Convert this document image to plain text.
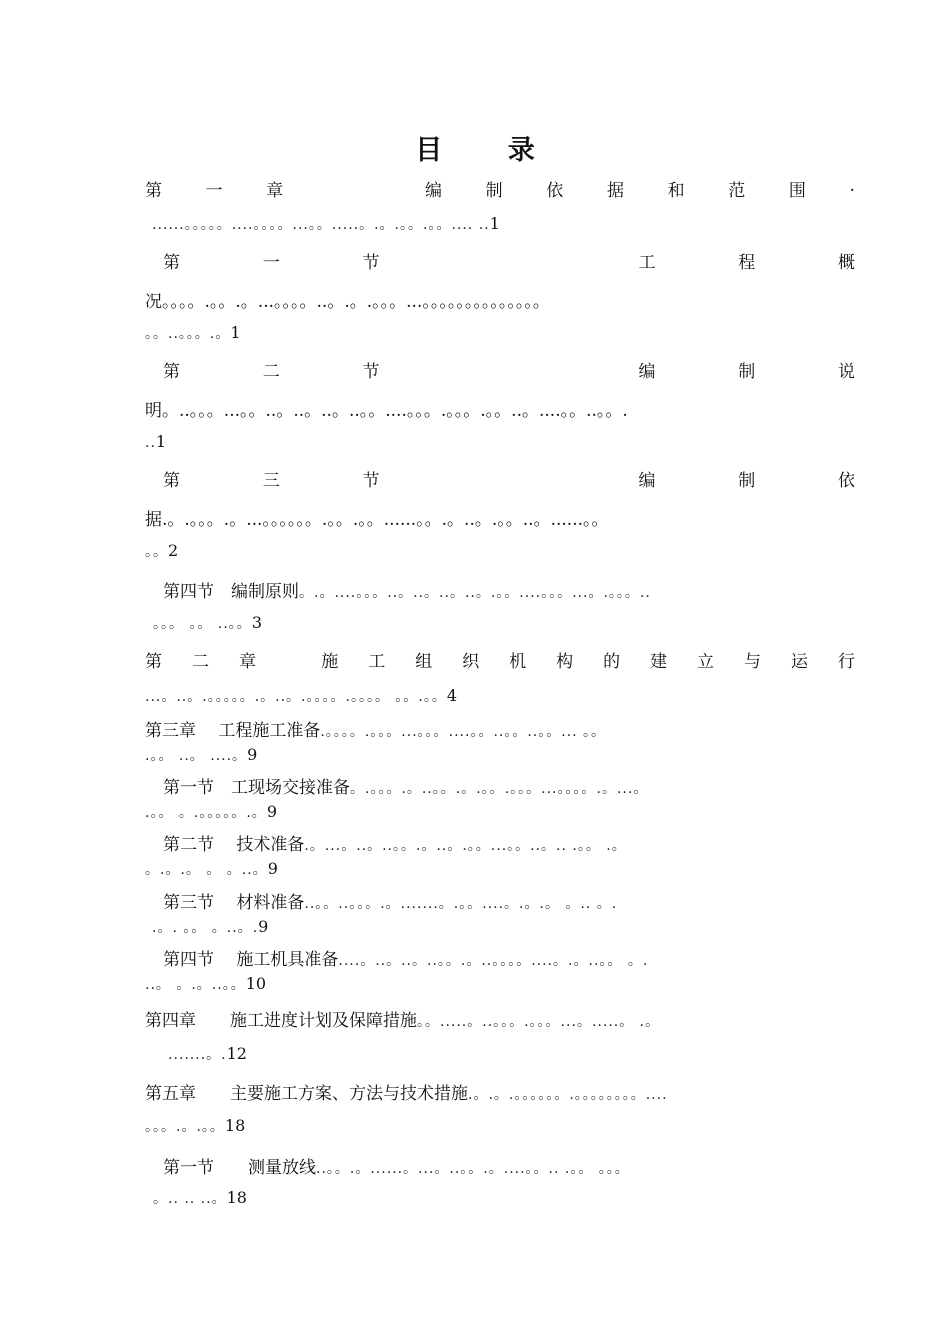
目 录
第	一	章

	编	制	依	据	和	范	围	.
......。。。。。....。。。。...。。.....。.。.。。.。。.... ..1
第	一	节

	工	程	概
况。。。。.。。.。...。。。。..。.。.。。。...。。。。。。。。。。。。。。
。。..。。。.。1
第	二	节

	编	制	说
明。..。。。...。。..。..。..。..。。....。。。.。。。.。。..。....。。..。。.
..1
第	三	节

	编	制	依
据.。.。。。.。...。。。。。。.。。.。。......。。.。..。.。。..。......。。
。。2
第四节　编制原则。.。....。。。..。..。..。..。.。。....。。。...。.。。。..
。。。 。。 ..。。3
第 二 章
	施 工 组 织 机 构 的 建 立 与 运 行
...。..。.。。。。。.。..。.。。。。.。。。。 。。.。。4
第三章　 工程施工准备.。。。。.。。。...。。。....。。..。。..。。... 。。
.。。 ..。 ....。9
第一节　工现场交接准备。.。。。.。..。。.。.。。.。。。...。。。。.。...。
.。。 。.。。。。。.。9
第二节　 技术准备.。...。..。..。。.。..。.。。...。。..。.. .。。 .。
。.。.。 。 。..。9
第三节　 材料准备..。。..。。。.。.......。.。。....。.。.。 。.. 。.
.。. 。。 。..。.9
第四节　 施工机具准备....。..。..。..。。.。..。。。。....。.。..。。 。.
..。 。.。..。。10
第四章　　施工进度计划及保障措施。。.....。..。。。.。。。...。.....。 .。
.......。.12
第五章　　主要施工方案、方法与技术措施.。.。.。。。。。。.。。。。。。。。....
。。。.。.。。18
第一节　　测量放线..。。.。......。...。..。。.。....。。.. .。。 。。。
。.. .. ..。18
